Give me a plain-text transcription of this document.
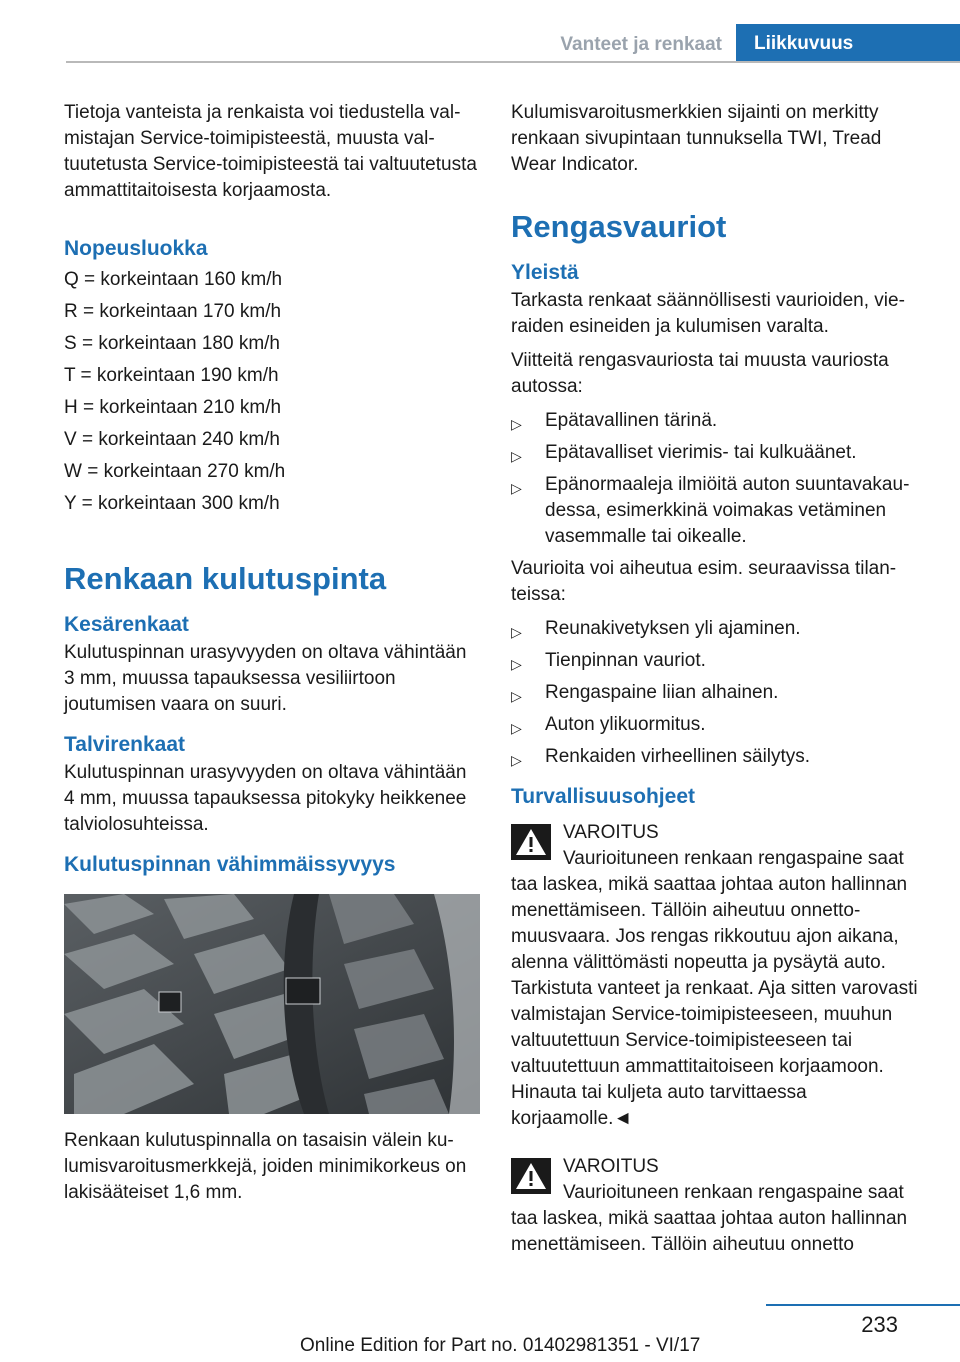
Vanteet ja renkaat	Liikkuvuus

Tietoja vanteista ja renkaista voi tiedustella valmistajan Service-toimipisteestä, muusta valtuutetusta Service-toimipisteestä tai valtuutetusta ammattitaitoisesta korjaamosta.

Nopeusluokka
Q = korkeintaan 160 km/h
R = korkeintaan 170 km/h
S = korkeintaan 180 km/h
T = korkeintaan 190 km/h
H = korkeintaan 210 km/h
V = korkeintaan 240 km/h
W = korkeintaan 270 km/h
Y = korkeintaan 300 km/h
Renkaan kulutuspinta
Kesärenkaat

Kulutuspinnan urasyvyyden on oltava vähintään 3 mm, muussa tapauksessa vesiliirtoon joutumisen vaara on suuri.

Talvirenkaat

Kulutuspinnan urasyvyyden on oltava vähintään 4 mm, muussa tapauksessa pitokyky heikkenee talviolosuhteissa.

Kulutuspinnan vähimmäissyvyys

Renkaan kulutuspinnalla on tasaisin välein kulumisvaroitusmerkkejä, joiden minimikorkeus on lakisääteiset 1,6 mm.

Kulumisvaroitusmerkkien sijainti on merkitty renkaan sivupintaan tunnuksella TWI, Tread Wear Indicator.

Rengasvauriot
Yleistä

Tarkasta renkaat säännöllisesti vaurioiden, vieraiden esineiden ja kulumisen varalta.

Viitteitä rengasvauriosta tai muusta vauriosta autossa:

▷ Epätavallinen tärinä.
▷ Epätavalliset vierimis- tai kulkuäänet.
▷ Epänormaaleja ilmiöitä auton suuntavakaudessa, esimerkkinä voimakas vetäminen vasemmalle tai oikealle.

Vaurioita voi aiheutua esim. seuraavissa tilanteissa:

▷ Reunakivetyksen yli ajaminen.
▷ Tienpinnan vauriot.
▷ Rengaspaine liian alhainen.
▷ Auton ylikuormitus.
▷ Renkaiden virheellinen säilytys.
Turvallisuusohjeet
VAROITUS
Vaurioituneen renkaan rengaspaine saat
taa laskea, mikä saattaa johtaa auton hallinnan menettämiseen. Tällöin aiheutuu onnettomuusvaara. Jos rengas rikkoutuu ajon aikana, alenna välittömästi nopeutta ja pysäytä auto. Tarkistuta vanteet ja renkaat. Aja sitten varovasti valmistajan Service-toimipisteeseen, muuhun valtuutettuun Service-toimipisteeseen tai valtuutettuun ammattitaitoiseen korjaamoon. Hinauta tai kuljeta auto tarvittaessa korjaamolle.◄
VAROITUS
Vaurioituneen renkaan rengaspaine saat
taa laskea, mikä saattaa johtaa auton hallinnan menettämiseen. Tällöin aiheutuu onnetto
233
Online Edition for Part no. 01402981351 - VI/17
